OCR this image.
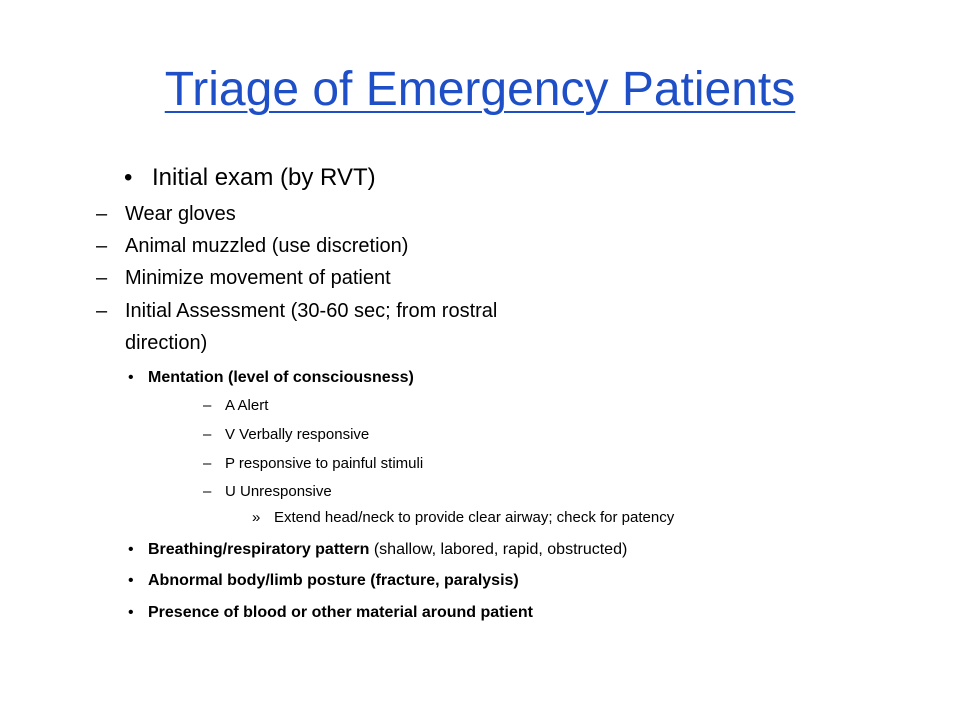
Triage of Emergency Patients
• Initial exam (by RVT)
– Wear gloves
– Animal muzzled (use discretion)
– Minimize movement of patient
– Initial Assessment (30-60 sec; from rostral
direction)
• Mentation (level of consciousness)
– A Alert
– V Verbally responsive
– P responsive to painful stimuli
– U Unresponsive
» Extend head/neck to provide clear airway; check for patency
• Breathing/respiratory pattern (shallow, labored, rapid, obstructed)
• Abnormal body/limb posture (fracture, paralysis)
• Presence of blood or other material around patient
